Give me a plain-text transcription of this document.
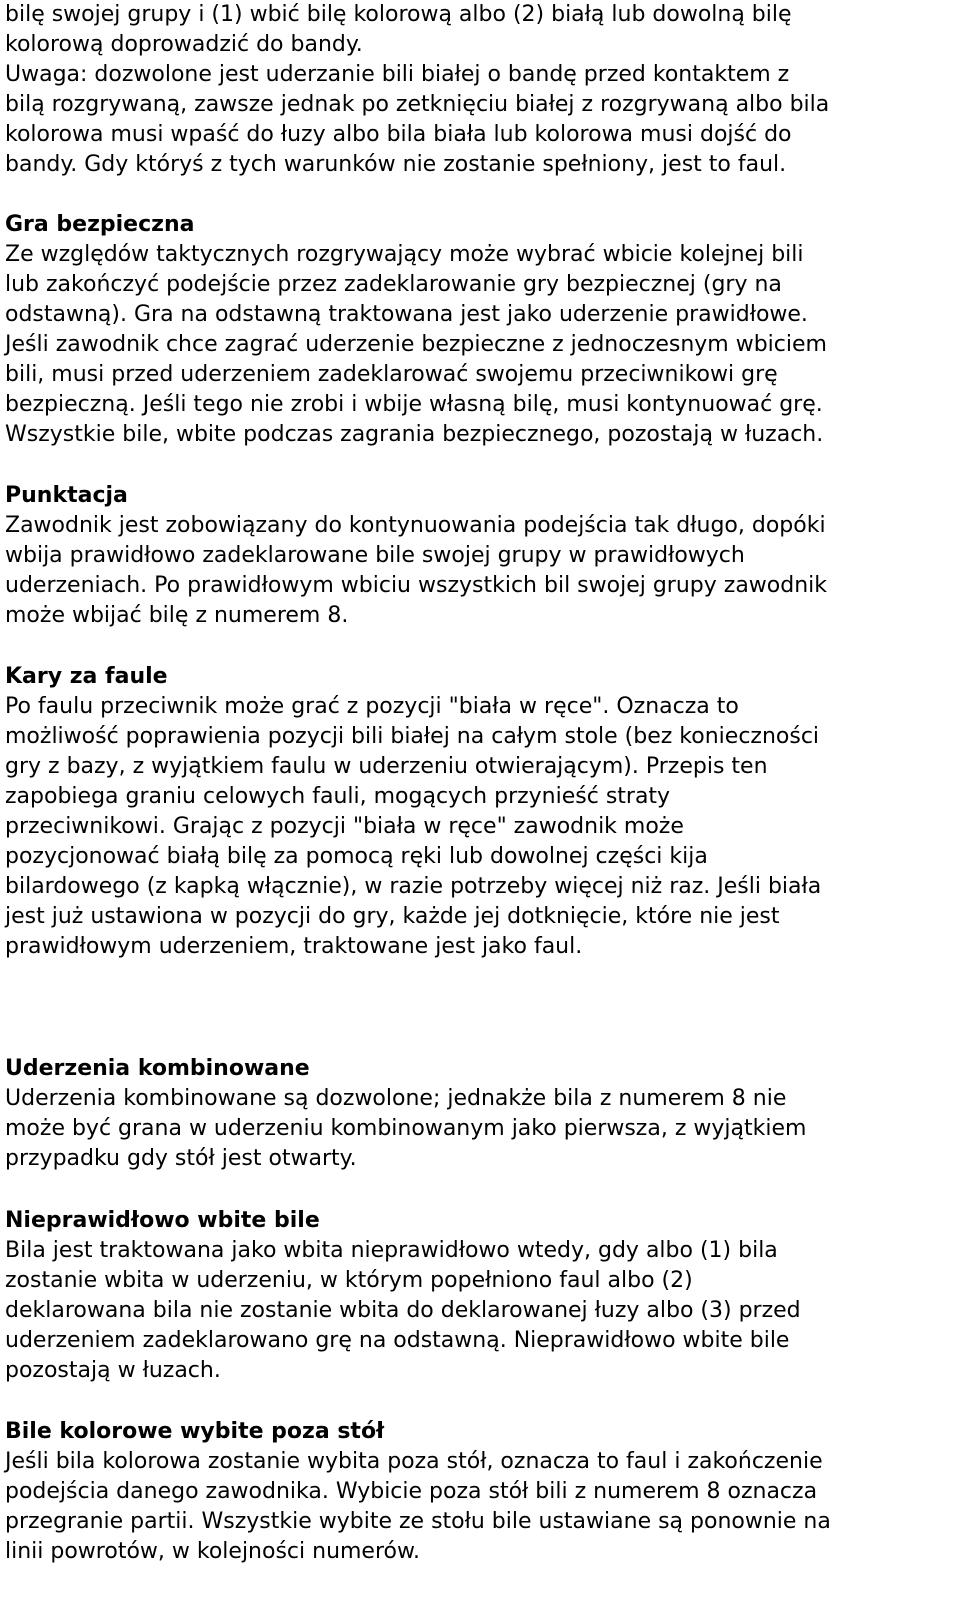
bilę swojej grupy i (1) wbić bilę kolorową albo (2) białą lub dowolną bilę
kolorową doprowadzić do bandy.
Uwaga: dozwolone jest uderzanie bili białej o bandę przed kontaktem z
bilą rozgrywaną, zawsze jednak po zetknięciu białej z rozgrywaną albo bila
kolorowa musi wpaść do łuzy albo bila biała lub kolorowa musi dojść do
bandy. Gdy któryś z tych warunków nie zostanie spełniony, jest to faul.
Gra bezpieczna
Ze względów taktycznych rozgrywający może wybrać wbicie kolejnej bili
lub zakończyć podejście przez zadeklarowanie gry bezpiecznej (gry na
odstawną). Gra na odstawną traktowana jest jako uderzenie prawidłowe.
Jeśli zawodnik chce zagrać uderzenie bezpieczne z jednoczesnym wbiciem
bili, musi przed uderzeniem zadeklarować swojemu przeciwnikowi grę
bezpieczną. Jeśli tego nie zrobi i wbije własną bilę, musi kontynuować grę.
Wszystkie bile, wbite podczas zagrania bezpiecznego, pozostają w łuzach.
Punktacja
Zawodnik jest zobowiązany do kontynuowania podejścia tak długo, dopóki
wbija prawidłowo zadeklarowane bile swojej grupy w prawidłowych
uderzeniach. Po prawidłowym wbiciu wszystkich bil swojej grupy zawodnik
może wbijać bilę z numerem 8.
Kary za faule
Po faulu przeciwnik może grać z pozycji "biała w ręce". Oznacza to
możliwość poprawienia pozycji bili białej na całym stole (bez konieczności
gry z bazy, z wyjątkiem faulu w uderzeniu otwierającym). Przepis ten
zapobiega graniu celowych fauli, mogących przynieść straty
przeciwnikowi. Grając z pozycji "biała w ręce" zawodnik może
pozycjonować białą bilę za pomocą ręki lub dowolnej części kija
bilardowego (z kapką włącznie), w razie potrzeby więcej niż raz. Jeśli biała
jest już ustawiona w pozycji do gry, każde jej dotknięcie, które nie jest
prawidłowym uderzeniem, traktowane jest jako faul.
Uderzenia kombinowane
Uderzenia kombinowane są dozwolone; jednakże bila z numerem 8 nie
może być grana w uderzeniu kombinowanym jako pierwsza, z wyjątkiem
przypadku gdy stół jest otwarty.
Nieprawidłowo wbite bile
Bila jest traktowana jako wbita nieprawidłowo wtedy, gdy albo (1) bila
zostanie wbita w uderzeniu, w którym popełniono faul albo (2)
deklarowana bila nie zostanie wbita do deklarowanej łuzy albo (3) przed
uderzeniem zadeklarowano grę na odstawną. Nieprawidłowo wbite bile
pozostają w łuzach.
Bile kolorowe wybite poza stół
Jeśli bila kolorowa zostanie wybita poza stół, oznacza to faul i zakończenie
podejścia danego zawodnika. Wybicie poza stół bili z numerem 8 oznacza
przegranie partii. Wszystkie wybite ze stołu bile ustawiane są ponownie na
linii powrotów, w kolejności numerów.
